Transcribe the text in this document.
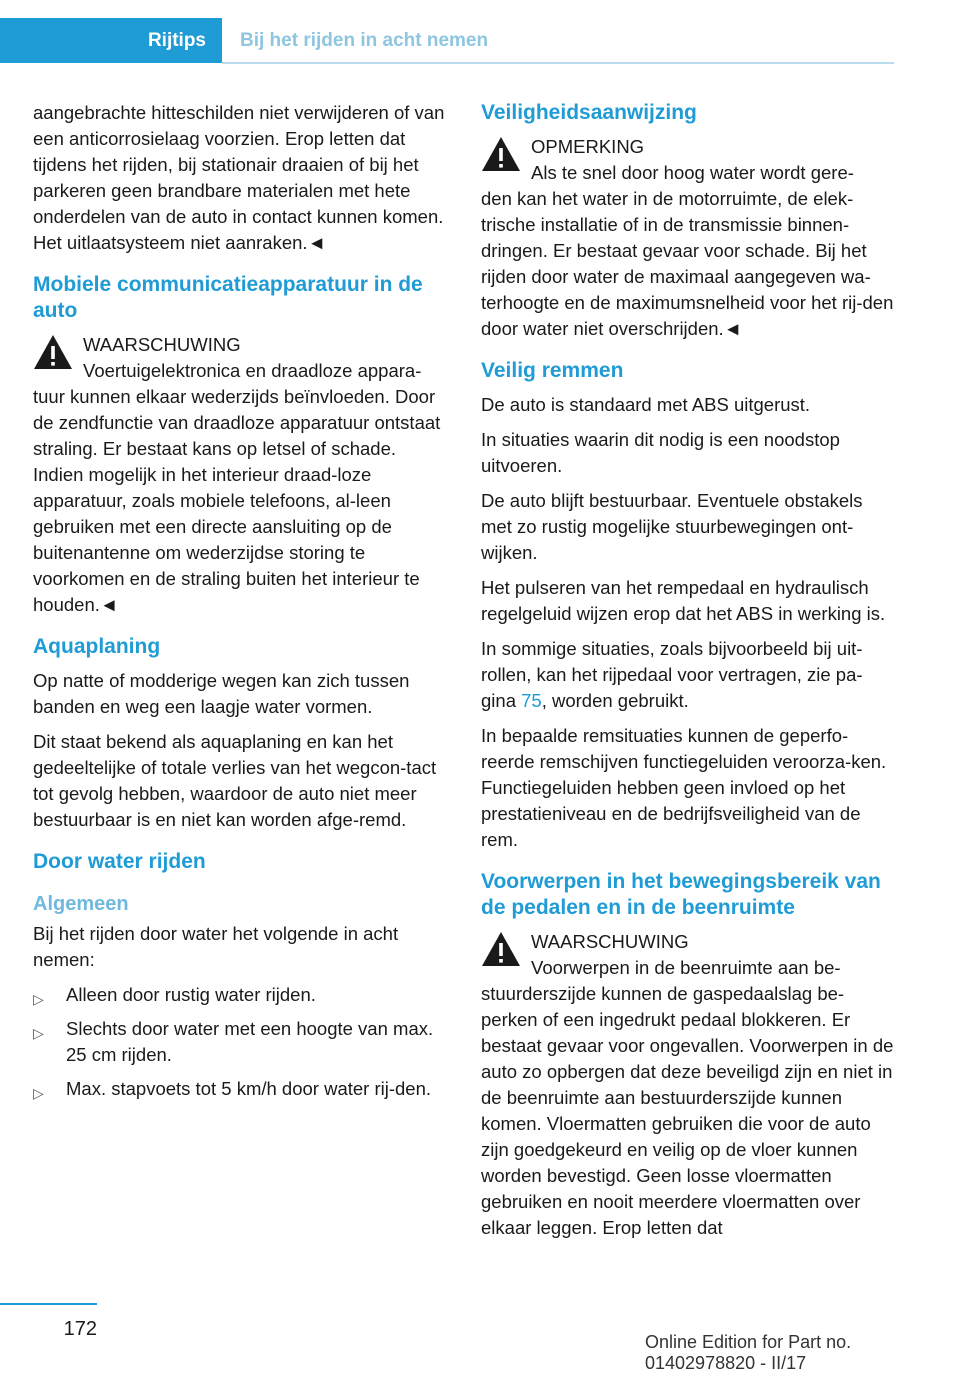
Rijtips	Bij het rijden in acht nemen

aangebrachte hitteschilden niet verwijderen of van een anticorrosielaag voorzien. Erop letten dat tijdens het rijden, bij stationair draaien of bij het parkeren geen brandbare materialen met hete onderdelen van de auto in contact kunnen komen. Het uitlaatsysteem niet aanraken.◄

Mobiele communicatieapparatuur in de auto
WAARSCHUWING
Voertuigelektronica en draadloze appara-
tuur kunnen elkaar wederzijds beïnvloeden. Door de zendfunctie van draadloze apparatuur ontstaat straling. Er bestaat kans op letsel of schade. Indien mogelijk in het interieur draad-loze apparatuur, zoals mobiele telefoons, al-leen gebruiken met een directe aansluiting op de buitenantenne om wederzijdse storing te voorkomen en de straling buiten het interieur te houden.◄
Aquaplaning

Op natte of modderige wegen kan zich tussen banden en weg een laagje water vormen.

Dit staat bekend als aquaplaning en kan het gedeeltelijke of totale verlies van het wegcon-tact tot gevolg hebben, waardoor de auto niet meer bestuurbaar is en niet kan worden afge-remd.

Door water rijden
Algemeen

Bij het rijden door water het volgende in acht nemen:

▷ Alleen door rustig water rijden.
▷ Slechts door water met een hoogte van max. 25 cm rijden.
▷ Max. stapvoets tot 5 km/h door water rij-den.
Veiligheidsaanwijzing
OPMERKING
Als te snel door hoog water wordt gere-
den kan het water in de motorruimte, de elek-trische installatie of in de transmissie binnen-dringen. Er bestaat gevaar voor schade. Bij het rijden door water de maximaal aangegeven wa-terhoogte en de maximumsnelheid voor het rij-den door water niet overschrijden.◄
Veilig remmen

De auto is standaard met ABS uitgerust.

In situaties waarin dit nodig is een noodstop uitvoeren.

De auto blijft bestuurbaar. Eventuele obstakels met zo rustig mogelijke stuurbewegingen ont-wijken.

Het pulseren van het rempedaal en hydraulisch regelgeluid wijzen erop dat het ABS in werking is.

In sommige situaties, zoals bijvoorbeeld bij uit-rollen, kan het rijpedaal voor vertragen, zie pa-gina 75, worden gebruikt.

In bepaalde remsituaties kunnen de geperfo-reerde remschijven functiegeluiden veroorza-ken. Functiegeluiden hebben geen invloed op het prestatieniveau en de bedrijfsveiligheid van de rem.

Voorwerpen in het bewegingsbereik van de pedalen en in de beenruimte
WAARSCHUWING
Voorwerpen in de beenruimte aan be-
stuurderszijde kunnen de gaspedaalslag be-perken of een ingedrukt pedaal blokkeren. Er bestaat gevaar voor ongevallen. Voorwerpen in de auto zo opbergen dat deze beveiligd zijn en niet in de beenruimte aan bestuurderszijde kunnen komen. Vloermatten gebruiken die voor de auto zijn goedgekeurd en veilig op de vloer kunnen worden bevestigd. Geen losse vloermatten gebruiken en nooit meerdere vloermatten over elkaar leggen. Erop letten dat
172
Online Edition for Part no. 01402978820 - II/17
